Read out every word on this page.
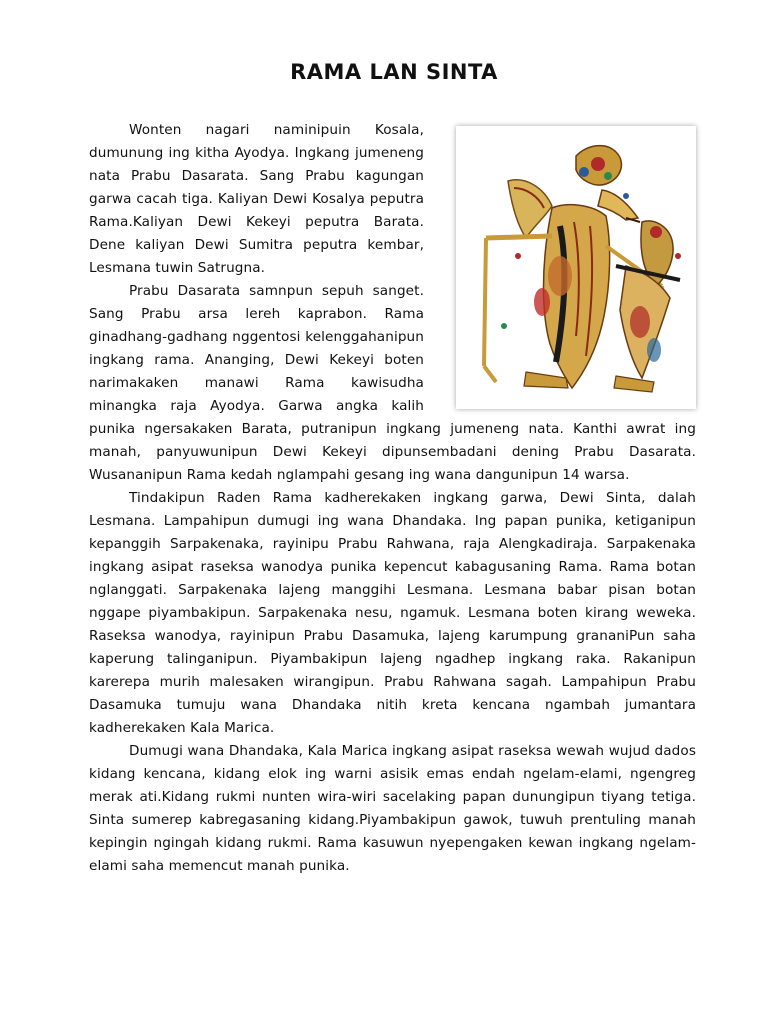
RAMA LAN SINTA

Wonten nagari naminipuin Kosala, dumunung ing kitha Ayodya. Ingkang jumeneng nata Prabu Dasarata. Sang Prabu kagungan garwa cacah tiga. Kaliyan Dewi Kosalya peputra Rama.Kaliyan Dewi Kekeyi peputra Barata. Dene kaliyan Dewi Sumitra peputra kembar, Lesmana tuwin Satrugna.

Prabu Dasarata samnpun sepuh sanget. Sang Prabu arsa lereh kaprabon. Rama ginadhang-gadhang nggentosi kelenggahanipun ingkang rama. Ananging, Dewi Kekeyi boten narimakaken manawi Rama kawisudha minangka raja Ayodya. Garwa angka kalih punika ngersakaken Barata, putranipun ingkang jumeneng nata. Kanthi awrat ing manah, panyuwunipun Dewi Kekeyi dipunsembadani dening Prabu Dasarata. Wusananipun Rama kedah nglampahi gesang ing wana dangunipun 14 warsa.

Tindakipun Raden Rama kadherekaken ingkang garwa, Dewi Sinta, dalah Lesmana. Lampahipun dumugi ing wana Dhandaka. Ing papan punika, ketiganipun kepanggih Sarpakenaka, rayinipu Prabu Rahwana, raja Alengkadiraja. Sarpakenaka ingkang asipat raseksa wanodya punika kepencut kabagusaning Rama. Rama botan nglanggati. Sarpakenaka lajeng manggihi Lesmana. Lesmana babar pisan botan nggape piyambakipun. Sarpakenaka nesu, ngamuk. Lesmana boten kirang weweka. Raseksa wanodya, rayinipun Prabu Dasamuka, lajeng karumpung grananiPun saha kaperung talinganipun. Piyambakipun lajeng ngadhep ingkang raka. Rakanipun karerepa murih malesaken wirangipun. Prabu Rahwana sagah. Lampahipun Prabu Dasamuka tumuju wana Dhandaka nitih kreta kencana ngambah jumantara kadherekaken Kala Marica.

Dumugi wana Dhandaka, Kala Marica ingkang asipat raseksa wewah wujud dados kidang kencana, kidang elok ing warni asisik emas endah ngelam-elami, ngengreg merak ati.Kidang rukmi nunten wira-wiri sacelaking papan dunungipun tiyang tetiga. Sinta sumerep kabregasaning kidang.Piyambakipun gawok, tuwuh prentuling manah kepingin ngingah kidang rukmi. Rama kasuwun nyepengaken kewan ingkang ngelam-elami saha memencut manah punika.
